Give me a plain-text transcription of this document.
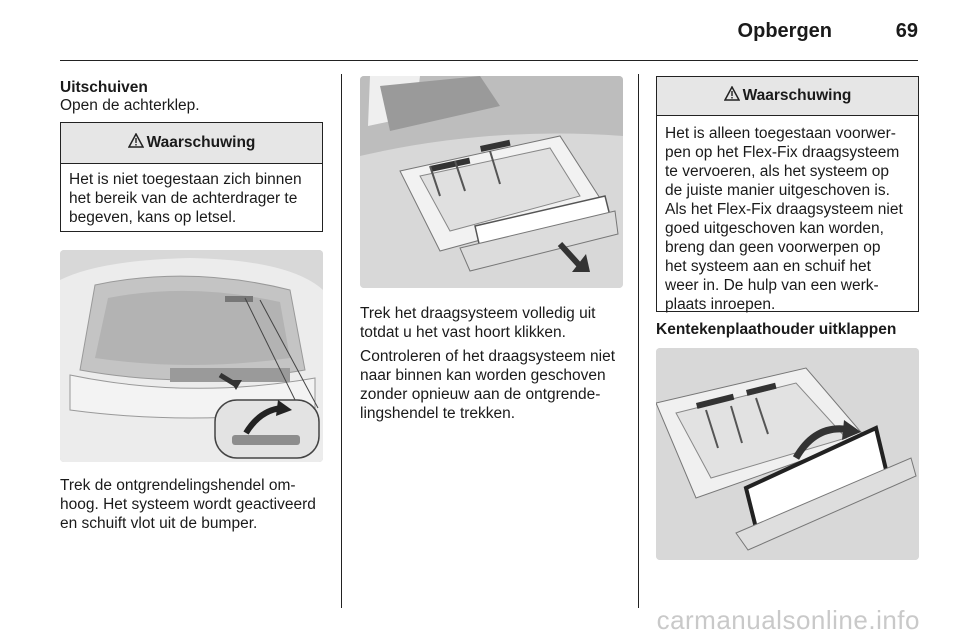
Opbergen	69
Uitschuiven
Open de achterklep.
Waarschuwing
Het is niet toegestaan zich binnen
het bereik van de achterdrager te
begeven, kans op letsel.
Trek de ontgrendelingshendel om-
hoog. Het systeem wordt geactiveerd
en schuift vlot uit de bumper.
Trek het draagsysteem volledig uit
totdat u het vast hoort klikken.
Controleren of het draagsysteem niet
naar binnen kan worden geschoven
zonder opnieuw aan de ontgrende-
lingshendel te trekken.
Waarschuwing
Het is alleen toegestaan voorwer-
pen op het Flex-Fix draagsysteem
te vervoeren, als het systeem op
de juiste manier uitgeschoven is.
Als het Flex-Fix draagsysteem niet
goed uitgeschoven kan worden,
breng dan geen voorwerpen op
het systeem aan en schuif het
weer in. De hulp van een werk-
plaats inroepen.
Kentekenplaathouder uitklappen
carmanualsonline.info
